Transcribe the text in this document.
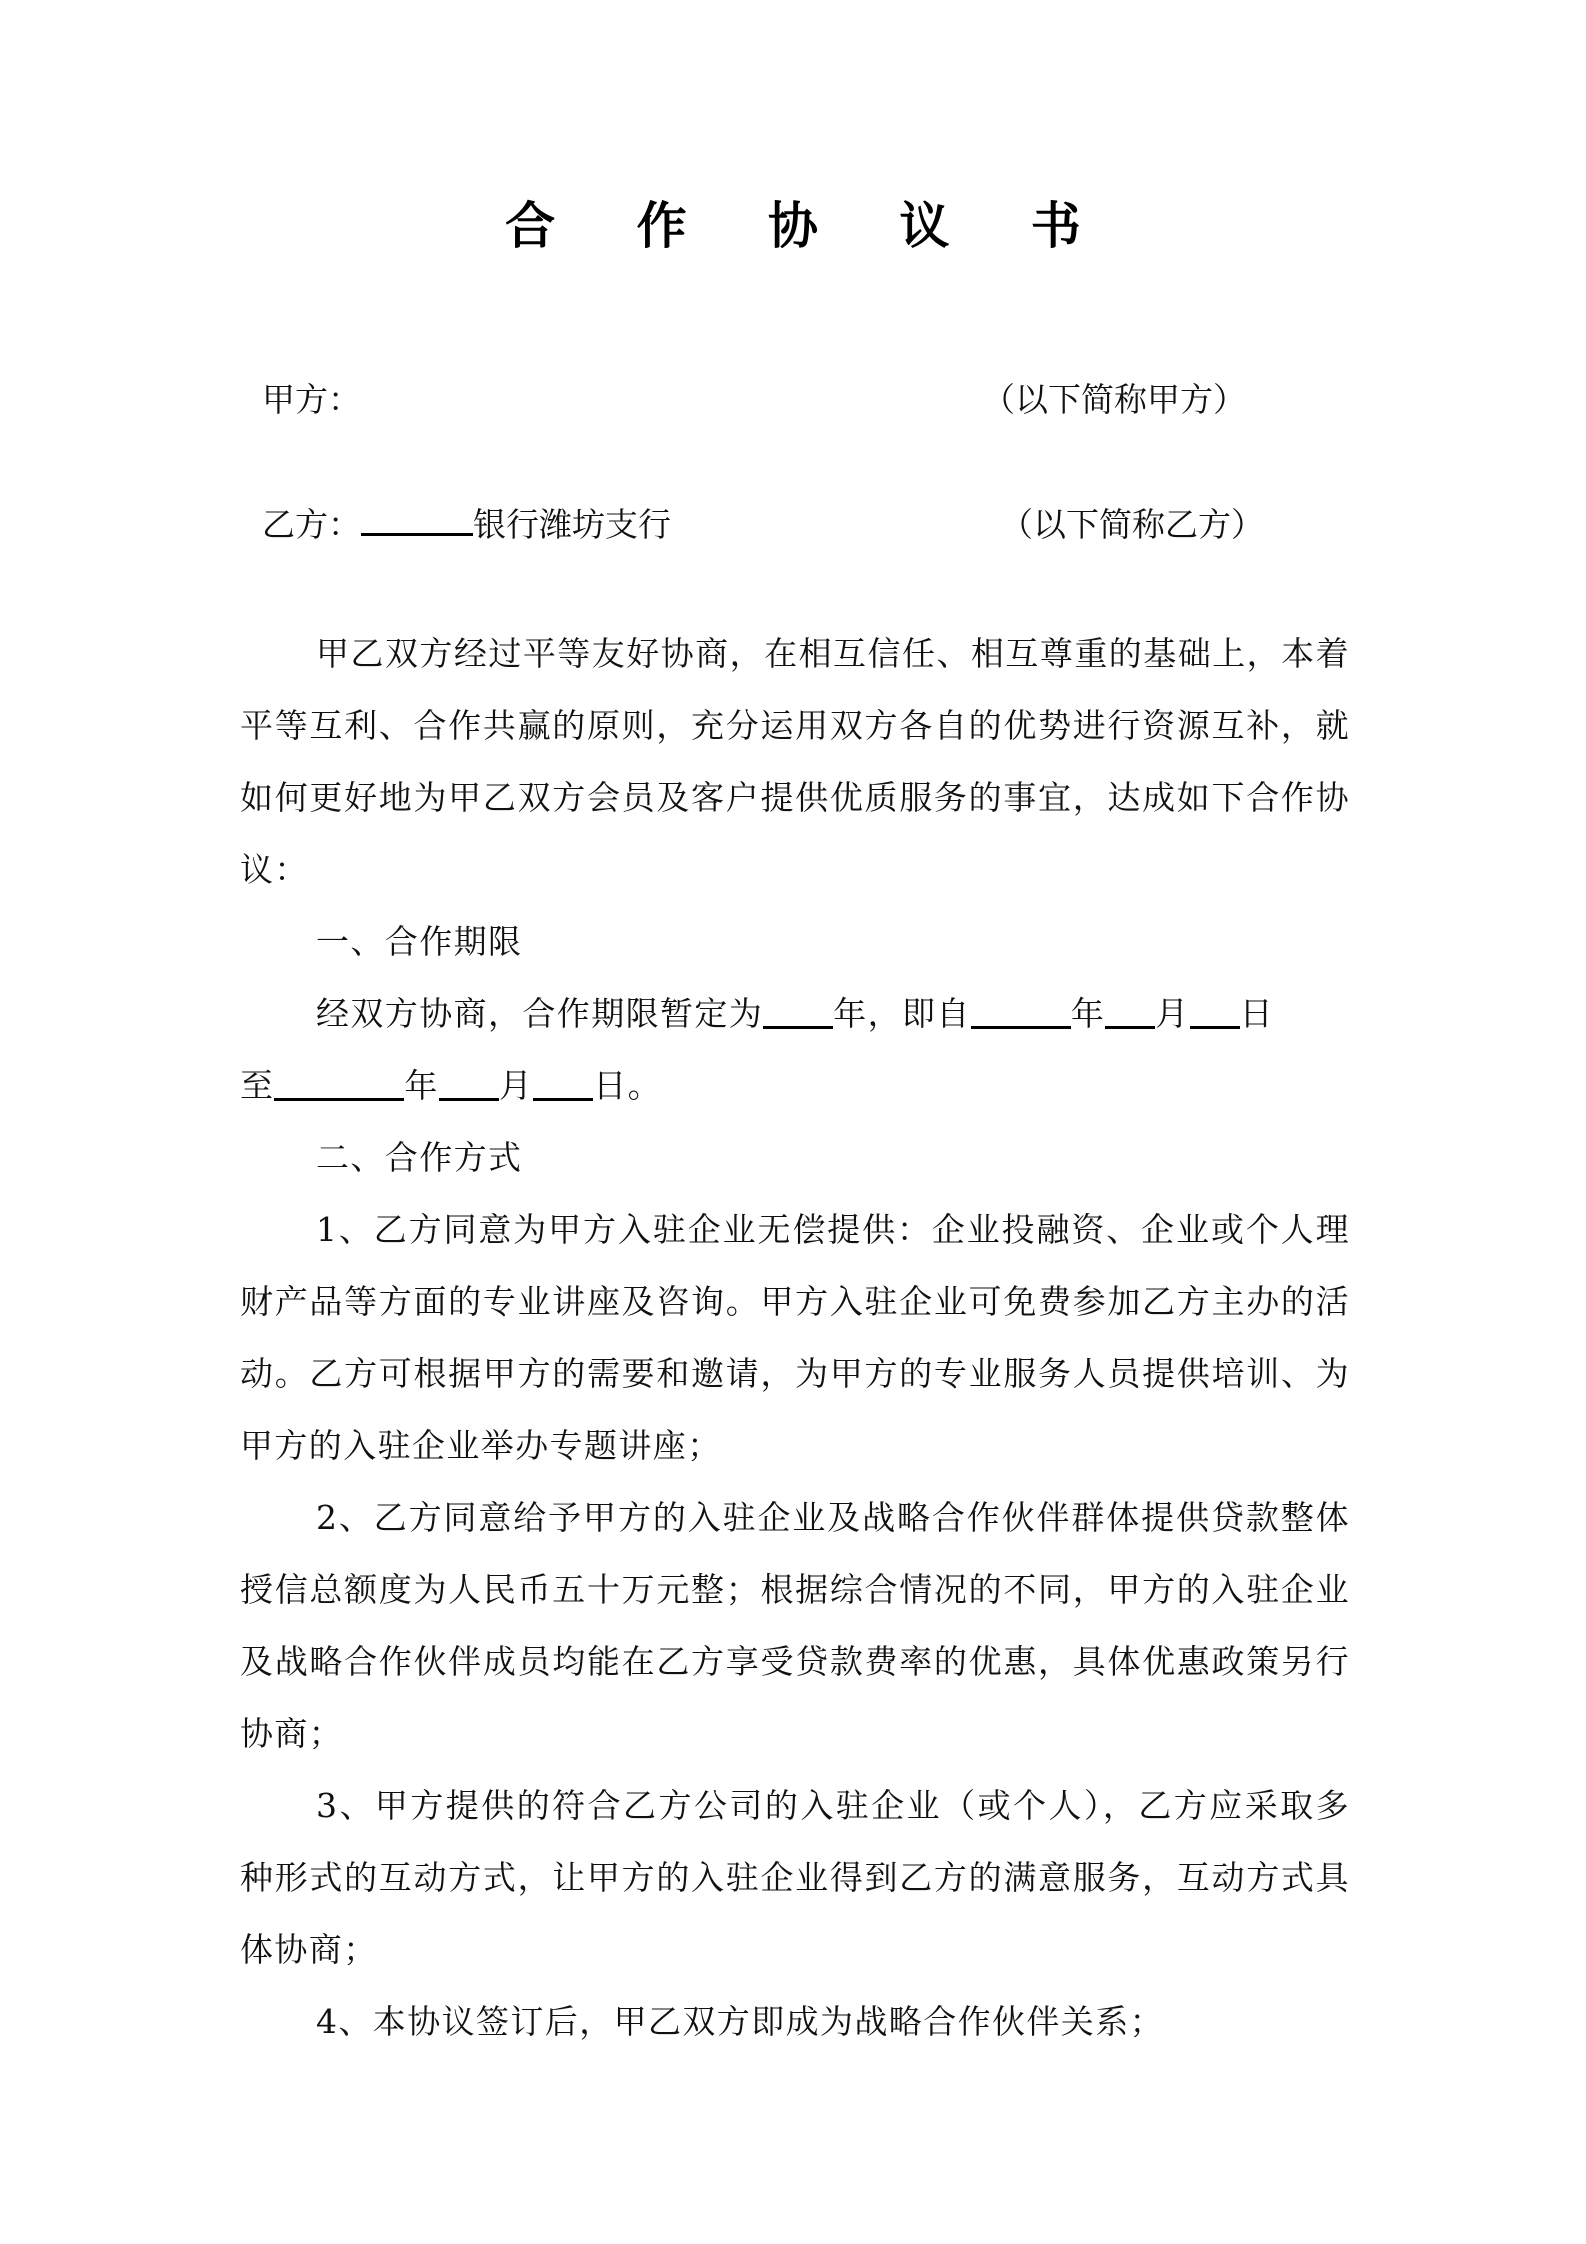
合 作 协 议 书
甲方：	（以下简称甲方）
乙方：	银行潍坊支行	（以下简称乙方）

甲乙双方经过平等友好协商，在相互信任、相互尊重的基础上，本着平等互利、合作共赢的原则，充分运用双方各自的优势进行资源互补，就如何更好地为甲乙双方会员及客户提供优质服务的事宜，达成如下合作协议：

一、合作期限

经双方协商，合作期限暂定为 年，即自	年 月 日
至	年 月 日。

二、合作方式

1、乙方同意为甲方入驻企业无偿提供：企业投融资、企业或个人理财产品等方面的专业讲座及咨询。甲方入驻企业可免费参加乙方主办的活动。乙方可根据甲方的需要和邀请，为甲方的专业服务人员提供培训、为甲方的入驻企业举办专题讲座；

2、乙方同意给予甲方的入驻企业及战略合作伙伴群体提供贷款整体授信总额度为人民币五十万元整；根据综合情况的不同，甲方的入驻企业及战略合作伙伴成员均能在乙方享受贷款费率的优惠，具体优惠政策另行协商；

3、甲方提供的符合乙方公司的入驻企业（或个人），乙方应采取多种形式的互动方式，让甲方的入驻企业得到乙方的满意服务，互动方式具体协商；

4、本协议签订后，甲乙双方即成为战略合作伙伴关系；
